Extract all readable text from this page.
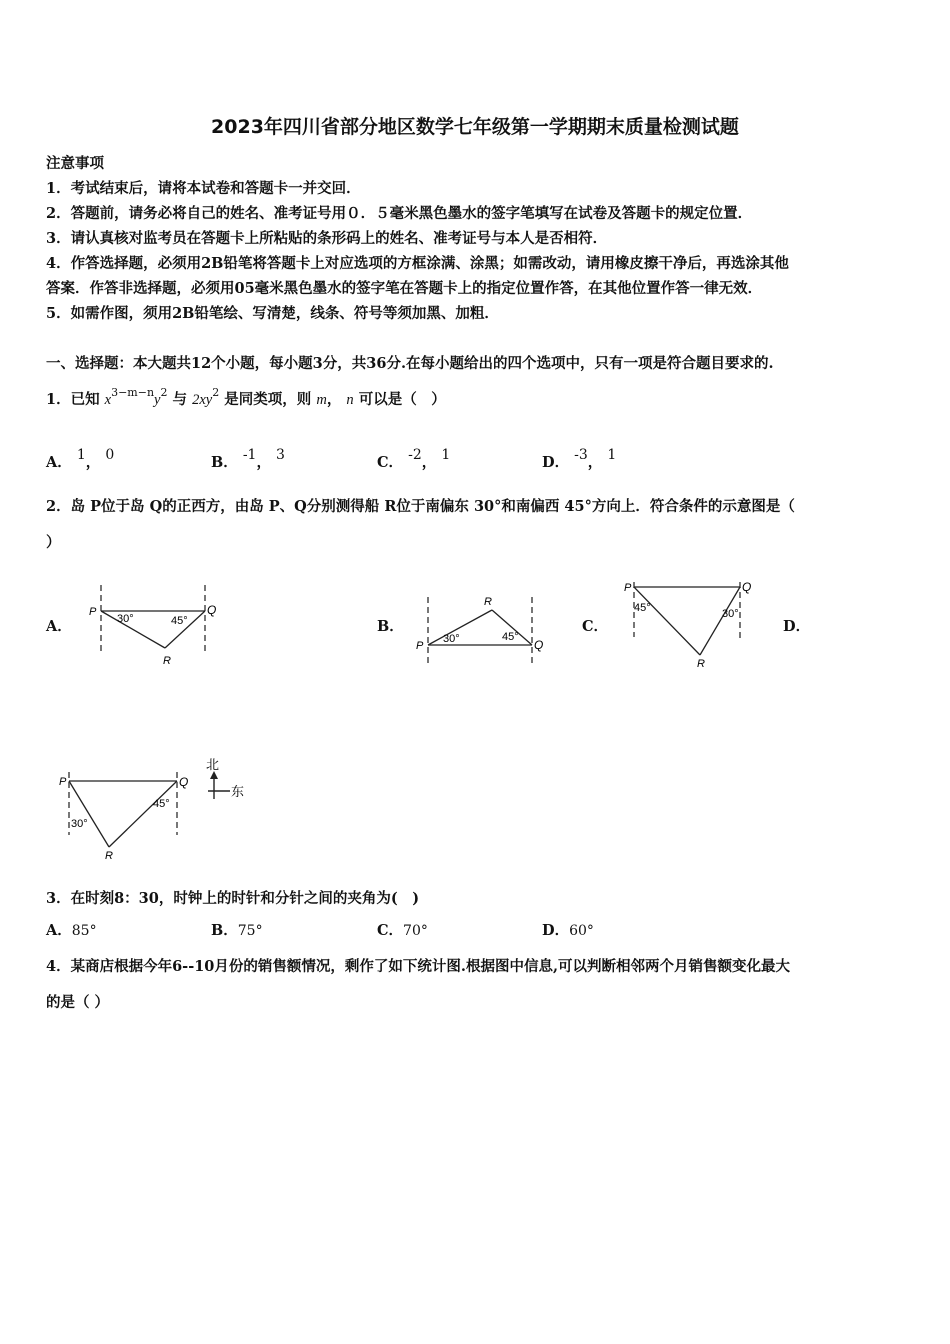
2023年四川省部分地区数学七年级第一学期期末质量检测试题
注意事项
1．考试结束后，请将本试卷和答题卡一并交回．
2．答题前，请务必将自己的姓名、准考证号用０．５毫米黑色墨水的签字笔填写在试卷及答题卡的规定位置．
3．请认真核对监考员在答题卡上所粘贴的条形码上的姓名、准考证号与本人是否相符．
4．作答选择题，必须用2B铅笔将答题卡上对应选项的方框涂满、涂黑；如需改动，请用橡皮擦干净后，再选涂其他
答案．作答非选择题，必须用05毫米黑色墨水的签字笔在答题卡上的指定位置作答，在其他位置作答一律无效．
5．如需作图，须用2B铅笔绘、写清楚，线条、符号等须加黑、加粗．
一、选择题：本大题共12个小题，每小题3分，共36分.在每小题给出的四个选项中，只有一项是符合题目要求的.
1．已知 $x^{3-m-n}y^2$ 与 $2xy^2$ 是同类项，则 m， n 可以是（　）
A． 1， 0	B． -1， 3	C． -2， 1	D． -3， 1
2．岛 P位于岛 Q的正西方，由岛 P、Q分别测得船 R位于南偏东 30°和南偏西 45°方向上．符合条件的示意图是（
）
A．	B．	C．	D．
P	Q
R
30°	45°
P	Q
R
30°	45°
P	Q
R
45°	30°
P	Q
R
30°
45°
北
东
3．在时刻8：30，时钟上的时针和分针之间的夹角为(　)
A．85°	B．75°	C．70°	D．60°
4．某商店根据今年6--10月份的销售额情况，剩作了如下统计图.根据图中信息,可以判断相邻两个月销售额变化最大
的是（ ）
